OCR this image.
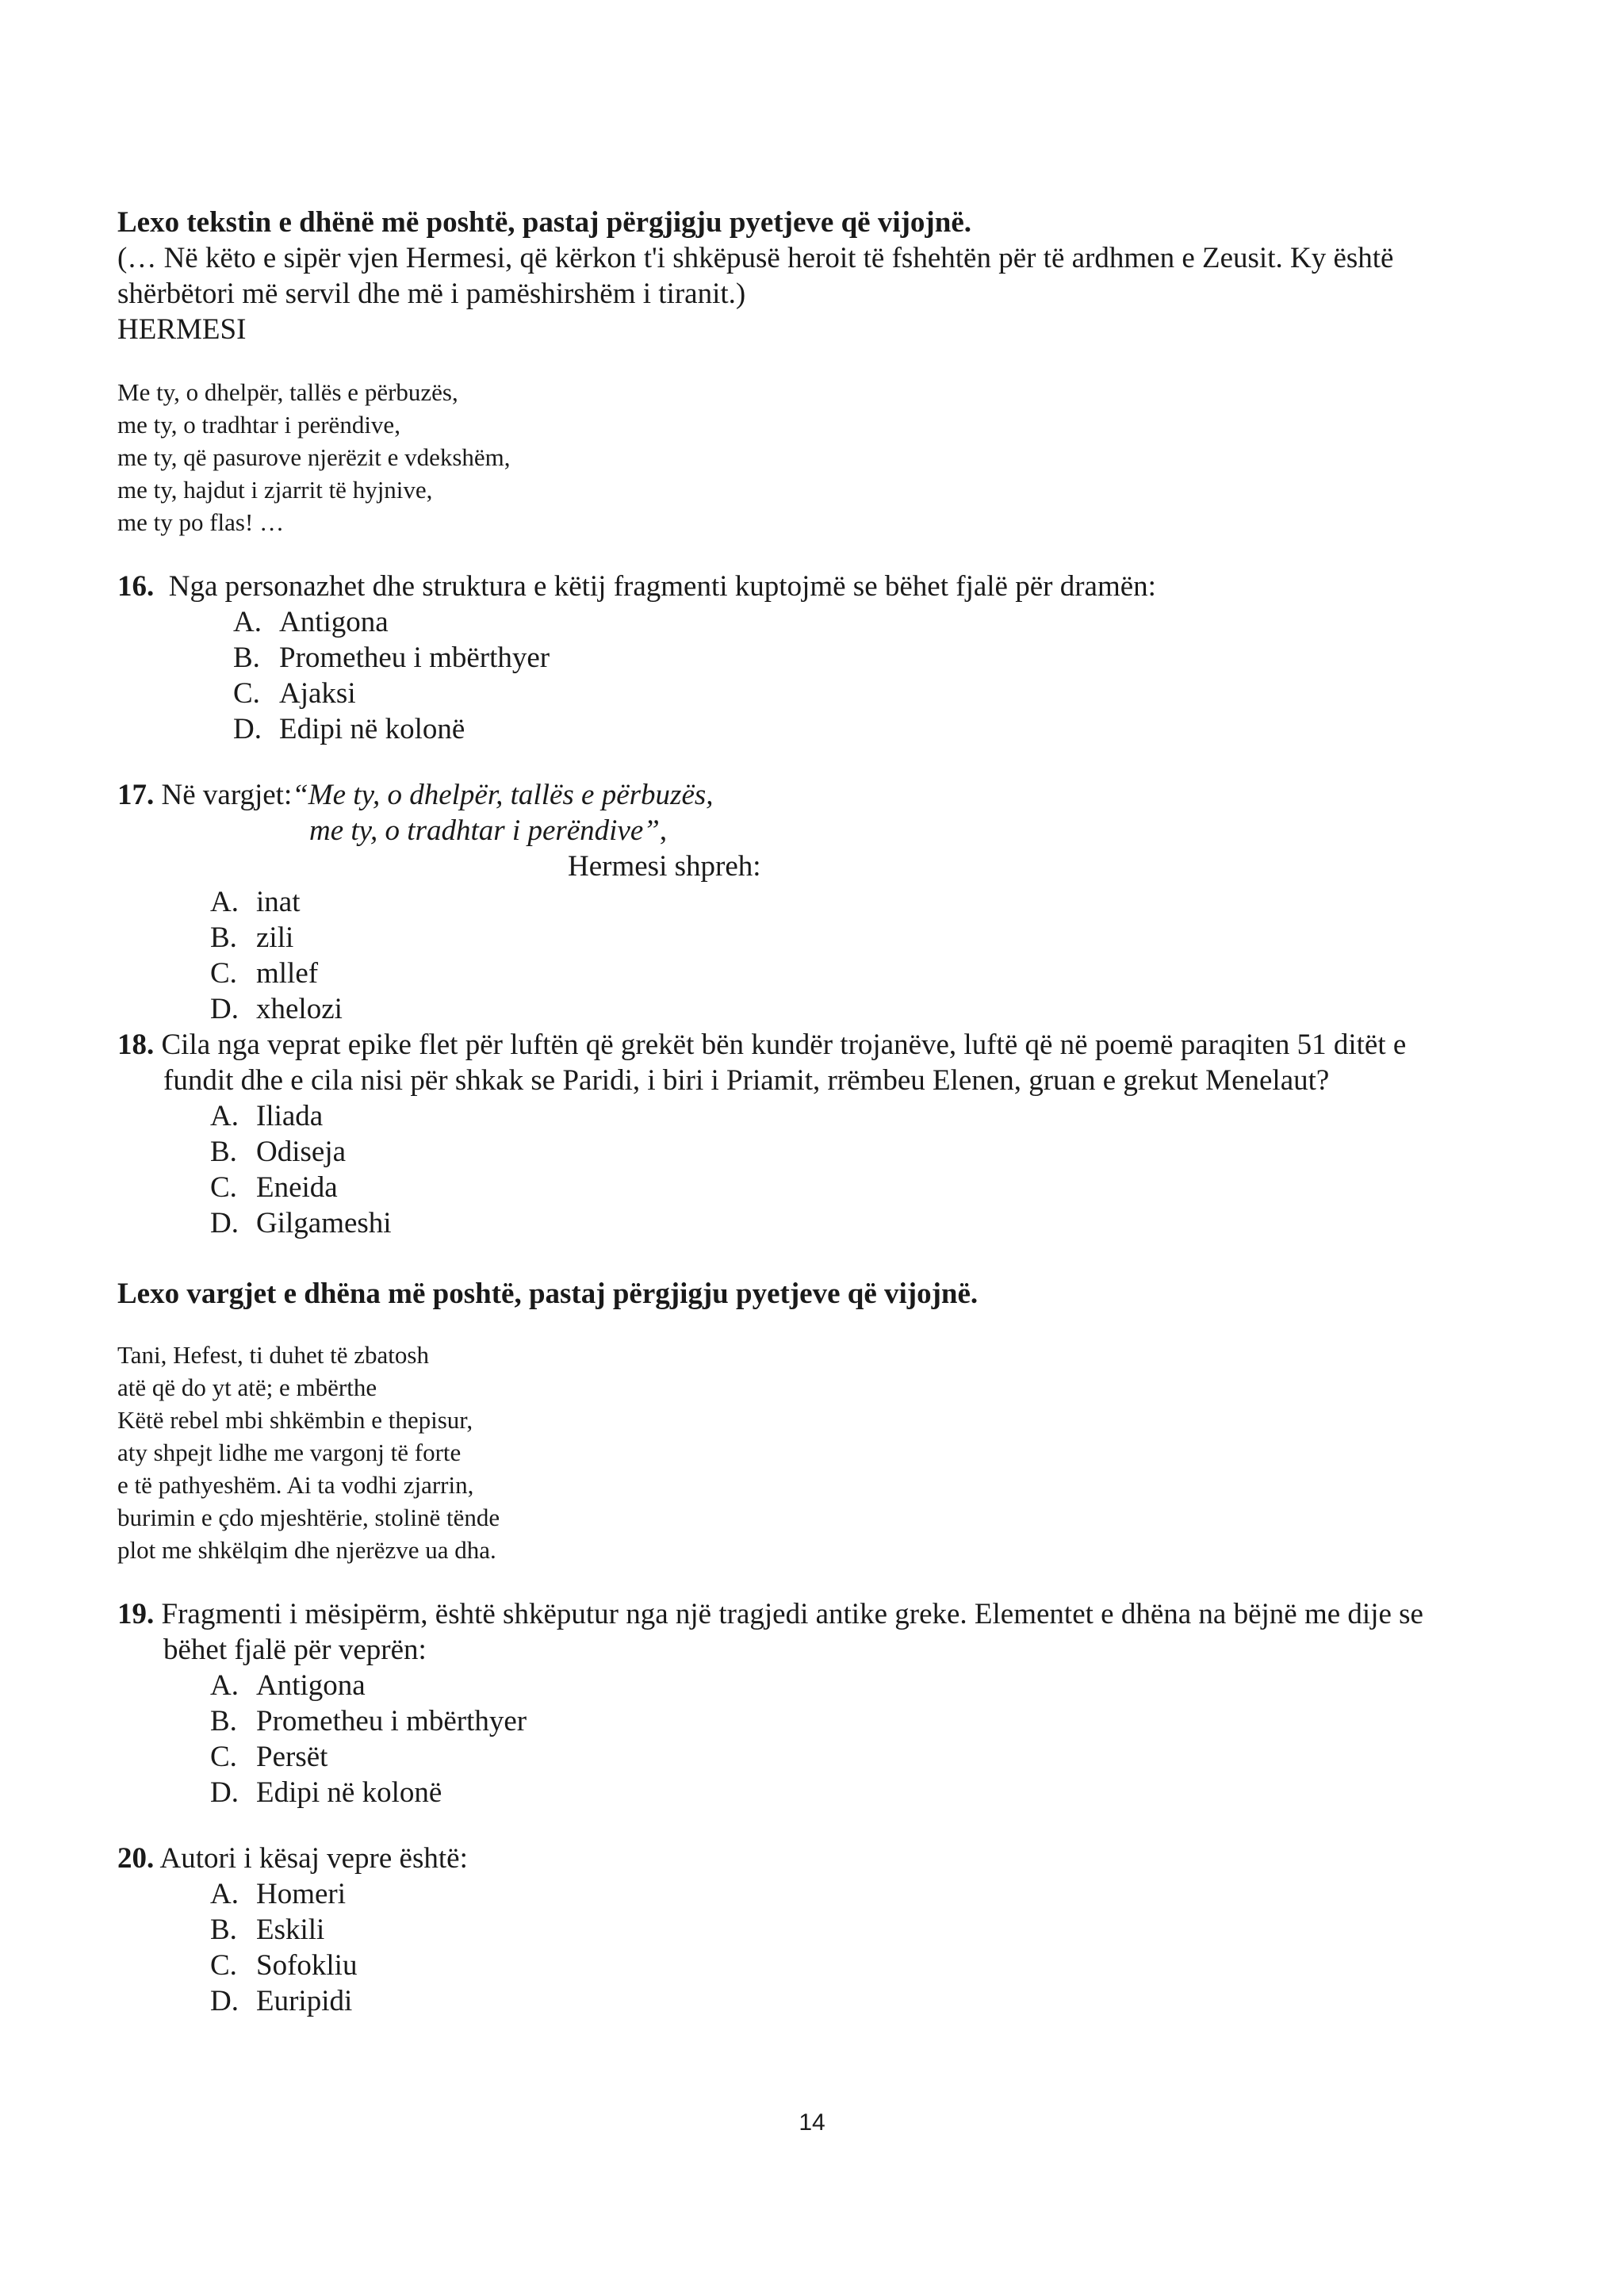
Lexo tekstin e dhënë më poshtë, pastaj përgjigju pyetjeve që vijojnë.
(… Në këto e sipër vjen Hermesi, që kërkon t'i shkëpusë heroit të fshehtën për të ardhmen e Zeusit. Ky është
shërbëtori më servil dhe më i pamëshirshëm i tiranit.)
HERMESI
Me ty, o dhelpër, tallës e përbuzës,
me ty, o tradhtar i perëndive,
me ty, që pasurove njerëzit e vdekshëm,
me ty, hajdut i zjarrit të hyjnive,
me ty po flas! …
16. Nga personazhet dhe struktura e këtij fragmenti kuptojmë se bëhet fjalë për dramën:
A. Antigona
B. Prometheu i mbërthyer
C. Ajaksi
D. Edipi në kolonë
17. Në vargjet:“Me ty, o dhelpër, tallës e përbuzës,
me ty, o tradhtar i perëndive”,
Hermesi shpreh:
A. inat
B. zili
C. mllef
D. xhelozi
18. Cila nga veprat epike flet për luftën që grekët bën kundër trojanëve, luftë që në poemë paraqiten 51 ditët e
fundit dhe e cila nisi për shkak se Paridi, i biri i Priamit, rrëmbeu Elenen, gruan e grekut Menelaut?
A. Iliada
B. Odiseja
C. Eneida
D. Gilgameshi
Lexo vargjet e dhëna më poshtë, pastaj përgjigju pyetjeve që vijojnë.
Tani, Hefest, ti duhet të zbatosh
atë që do yt atë; e mbërthe
Këtë rebel mbi shkëmbin e thepisur,
aty shpejt lidhe me vargonj të forte
e të pathyeshëm. Ai ta vodhi zjarrin,
burimin e çdo mjeshtërie, stolinë tënde
plot me shkëlqim dhe njerëzve ua dha.
19. Fragmenti i mësipërm, është shkëputur nga një tragjedi antike greke. Elementet e dhëna na bëjnë me dije se
bëhet fjalë për veprën:
A. Antigona
B. Prometheu i mbërthyer
C. Persët
D. Edipi në kolonë
20. Autori i kësaj vepre është:
A. Homeri
B. Eskili
C. Sofokliu
D. Euripidi
14
